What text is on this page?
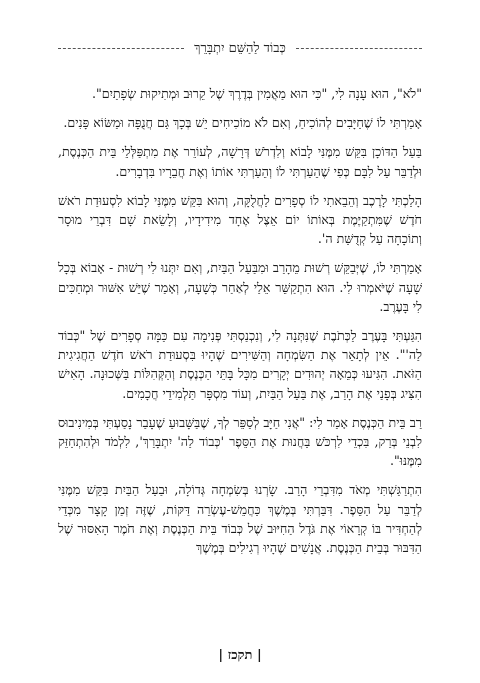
כְּבוֹד לַהַשֵּׁם יִתְבָּרֵךְ

"לֹא", הוּא עָנָה לִי, "כִּי הוּא מַאֲמִין בְּדֶרֶךְ שֶׁל קֵרוּב וּמְתִיקוּת שְׂפָתַיִם".

אָמַרְתִּי לוֹ שֶׁחַיָּבִים לְהוֹכִיחַ, וְאִם לֹא מוֹכִיחִים יֵשׁ בְּכָךְ גַּם חֲנֻפָּה וּמַשּׂוֹא פָּנִים.

בַּעַל הַדּוֹכָן בִּקֵּשׁ מִמֶּנִּי לָבוֹא וְלִדְרֹשׁ דְּרָשָׁה, לְעוֹרֵר אֶת מִתְפַּלְּלֵי בֵּית הַכְּנֶסֶת, וּלְדַבֵּר עַל לִבָּם כְּפִי שֶׁהֵעַרְתִּי לוֹ וְהֵעַרְתִּי אוֹתוֹ וְאֶת חֲבֵרָיו בִּדְבָרִים.

הָלַכְתִּי לָרֶכֶב וְהֵבֵאתִי לוֹ סְפָרִים לַחֲלֻקָּה, וְהוּא בִּקֵּשׁ מִמֶּנִּי לָבוֹא לִסְעוּדַת רֹאשׁ חֹדֶשׁ שֶׁמִּתְקַיֶּמֶת בְּאוֹתוֹ יוֹם אֵצֶל אֶחָד מִידִידָיו, וְלָשֵׂאת שָׁם דִּבְרֵי מוּסָר וְתוֹכָחָה עַל קְדֻשַּׁת ה'.

אָמַרְתִּי לוֹ, שֶׁיְּבַקֵּשׁ רְשׁוּת מֵהָרַב וּמִבַּעַל הַבַּיִת, וְאִם יִתְּנוּ לִי רְשׁוּת - אָבוֹא בְּכָל שָׁעָה שֶׁיֹּאמְרוּ לִי. הוּא הִתְקַשֵּׁר אֵלַי לְאַחַר כְּשָׁעָה, וְאָמַר שֶׁיֵּשׁ אִשּׁוּר וּמְחַכִּים לִי בָּעֶרֶב.

הִגַּעְתִּי בָּעֶרֶב לַכְּתֹבֶת שֶׁנִּתְּנָה לִי, וְנִכְנַסְתִּי פְּנִימָה עִם כַּמָּה סְפָרִים שֶׁל "כְּבוֹד לַה'". אֵין לְתָאֵר אֶת הַשִּׂמְחָה וְהַשִּׁירִים שֶׁהָיוּ בִּסְעוּדַת רֹאשׁ חֹדֶשׁ הַחֲגִיגִית הַזֹּאת. הִגִּיעוּ כְּמֵאָה יְהוּדִים יְקָרִים מִכָּל בָּתֵּי הַכְּנֶסֶת וְהַקְּהִלּוֹת בַּשְּׁכוּנָה. הָאִישׁ הִצִּיג בְּפָנַי אֶת הָרַב, אֶת בַּעַל הַבַּיִת, וְעוֹד מִסְפָּר תַּלְמִידֵי חֲכָמִים.

רַב בֵּית הַכְּנֶסֶת אָמַר לִי: "אֲנִי חַיָּב לְסַפֵּר לְךָ, שֶׁבַּשָּׁבוּעַ שֶׁעָבַר נָסַעְתִּי בְּמִינִיבוּס לִבְנֵי בְּרַק, בִּכְדֵי לִרְכֹּשׁ בַּחֲנוּת אֶת הַסֵּפֶר 'כְּבוֹד לַה' יִתְבָּרַךְ', לִלְמֹד וּלְהִתְחַזֵּק מִמֶּנּוּ".

הִתְרַגַּשְׁתִּי מְאֹד מִדִּבְרֵי הָרַב. שָׂרְנוּ בְּשִׂמְחָה גְּדוֹלָה, וּבַעַל הַבַּיִת בִּקֵּשׁ מִמֶּנִּי לְדַבֵּר עַל הַסֵּפֶר. דִּבַּרְתִּי בְּמֶשֶׁךְ כַּחֲמֵשׁ-עֶשְׂרֵה דַּקּוֹת, שֶׁזֶּה זְמַן קָצָר מִכְּדֵי לְהַחְדִּיר בּוֹ קְרָאוֹי אֶת גֹּדֶל הַחִיּוּב שֶׁל כְּבוֹד בֵּית הַכְּנֶסֶת וְאֶת חֹמֶר הָאִסּוּר שֶׁל הַדִּבּוּר בְּבֵית הַכְּנֶסֶת. אֲנָשִׁים שֶׁהָיוּ רְגִילִים בְּמֶשֶׁךְ

| תקכז |
